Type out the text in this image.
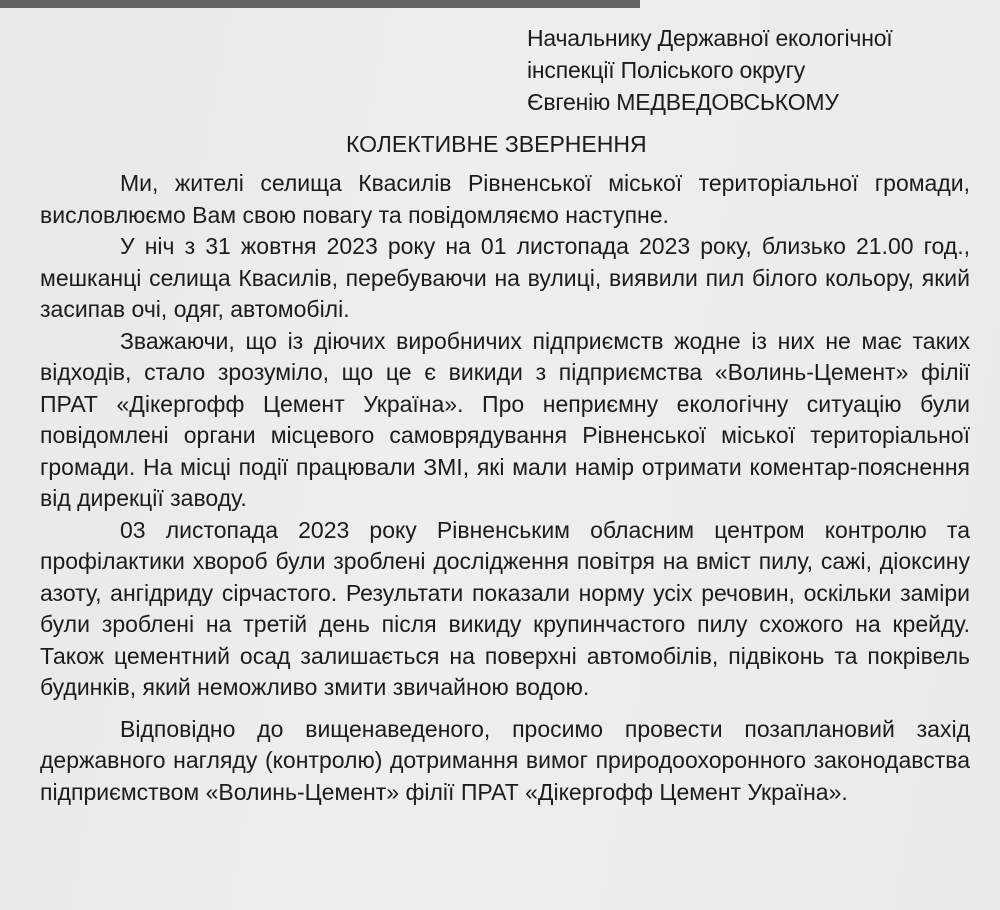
Начальнику Державної екологічної
інспекції Поліського округу
Євгенію МЕДВЕДОВСЬКОМУ
КОЛЕКТИВНЕ ЗВЕРНЕННЯ

Ми, жителі селища Квасилів Рівненської міської територіальної громади, висловлюємо Вам свою повагу та повідомляємо наступне.

У ніч з 31 жовтня 2023 року на 01 листопада 2023 року, близько 21.00 год., мешканці селища Квасилів, перебуваючи на вулиці, виявили пил білого кольору, який засипав очі, одяг, автомобілі.

Зважаючи, що із діючих виробничих підприємств жодне із них не має таких відходів, стало зрозуміло, що це є викиди з підприємства «Волинь-Цемент» філії ПРАТ «Дікергофф Цемент Україна». Про неприємну екологічну ситуацію були повідомлені органи місцевого самоврядування Рівненської міської територіальної громади. На місці події працювали ЗМІ, які мали намір отримати коментар-пояснення від дирекції заводу.

03 листопада 2023 року Рівненським обласним центром контролю та профілактики хвороб були зроблені дослідження повітря на вміст пилу, сажі, діоксину азоту, ангідриду сірчастого. Результати показали норму усіх речовин, оскільки заміри були зроблені на третій день після викиду крупинчастого пилу схожого на крейду. Також цементний осад залишається на поверхні автомобілів, підвіконь та покрівель будинків, який неможливо змити звичайною водою.

Відповідно до вищенаведеного, просимо провести позаплановий захід державного нагляду (контролю) дотримання вимог природоохоронного законодавства підприємством «Волинь-Цемент» філії ПРАТ «Дікергофф Цемент Україна».
